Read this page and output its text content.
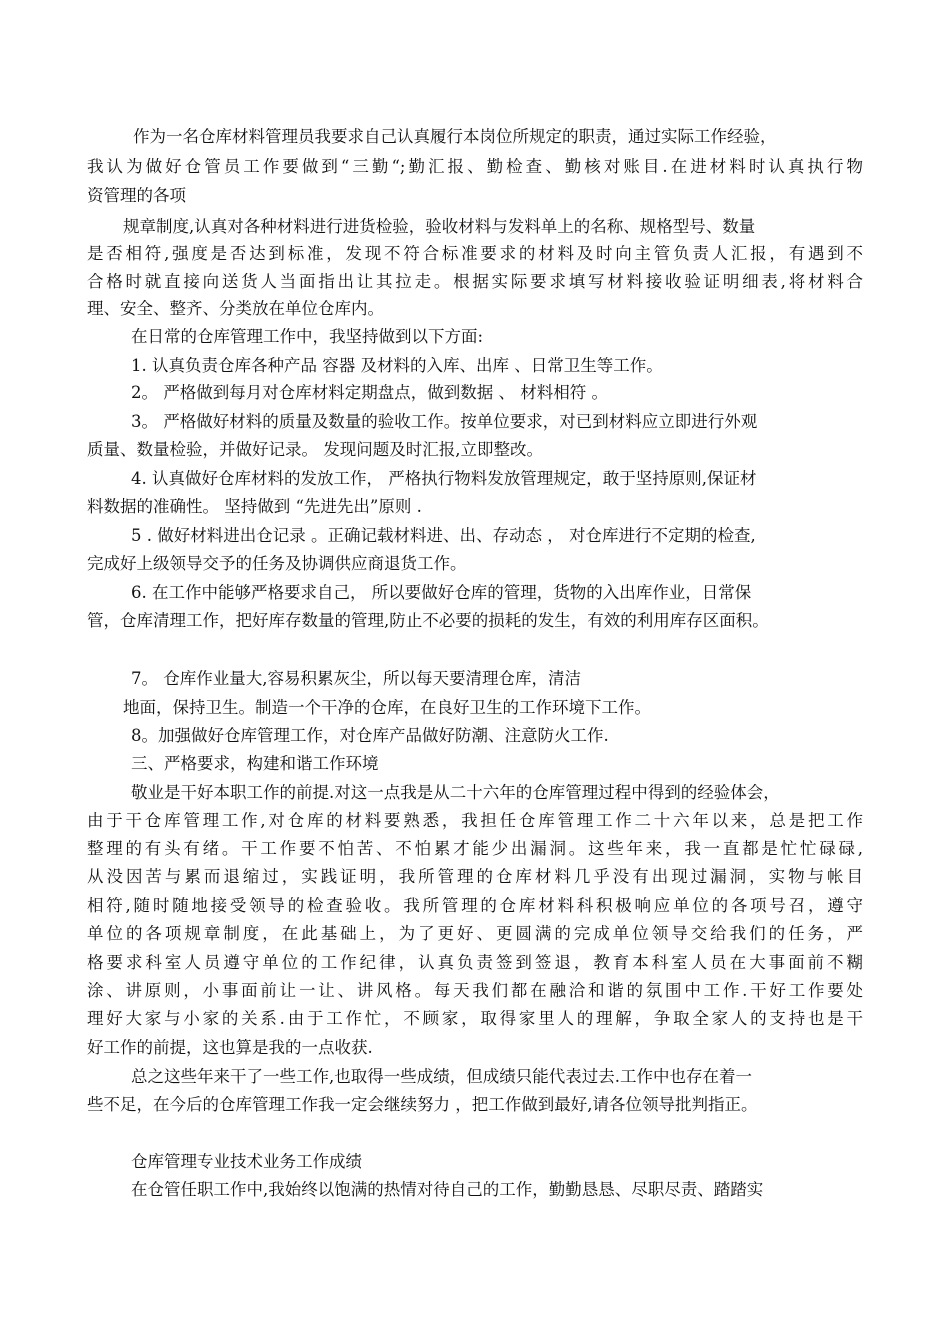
作为一名仓库材料管理员我要求自己认真履行本岗位所规定的职责，通过实际工作经验，
我认为做好仓管员工作要做到“三勤“;勤汇报、勤检查、勤核对账目.在进材料时认真执行物
资管理的各项
规章制度,认真对各种材料进行进货检验，验收材料与发料单上的名称、规格型号、数量
是否相符,强度是否达到标准，发现不符合标准要求的材料及时向主管负责人汇报，有遇到不
合格时就直接向送货人当面指出让其拉走。根据实际要求填写材料接收验证明细表,将材料合
理、安全、整齐、分类放在单位仓库内。
在日常的仓库管理工作中，我坚持做到以下方面:
1. 认真负责仓库各种产品 容器 及材料的入库、出库 、日常卫生等工作。
2。 严格做到每月对仓库材料定期盘点，做到数据 、 材料相符 。
3。 严格做好材料的质量及数量的验收工作。按单位要求，对已到材料应立即进行外观
质量、数量检验，并做好记录。 发现问题及时汇报,立即整改。
4. 认真做好仓库材料的发放工作， 严格执行物料发放管理规定，敢于坚持原则,保证材
料数据的准确性。 坚持做到 “先进先出”原则 .
5 . 做好材料进出仓记录 。正确记载材料进、出、存动态 ， 对仓库进行不定期的检查,
完成好上级领导交予的任务及协调供应商退货工作。
6. 在工作中能够严格要求自己， 所以要做好仓库的管理，货物的入出库作业，日常保
管，仓库清理工作，把好库存数量的管理,防止不必要的损耗的发生，有效的利用库存区面积。
7。 仓库作业量大,容易积累灰尘，所以每天要清理仓库，清洁
地面，保持卫生。制造一个干净的仓库，在良好卫生的工作环境下工作。
8。加强做好仓库管理工作，对仓库产品做好防潮、注意防火工作.
三、严格要求，构建和谐工作环境
敬业是干好本职工作的前提.对这一点我是从二十六年的仓库管理过程中得到的经验体会，
由于干仓库管理工作,对仓库的材料要熟悉，我担任仓库管理工作二十六年以来，总是把工作
整理的有头有绪。干工作要不怕苦、不怕累才能少出漏洞。这些年来，我一直都是忙忙碌碌,
从没因苦与累而退缩过，实践证明，我所管理的仓库材料几乎没有出现过漏洞，实物与帐目
相符,随时随地接受领导的检查验收。我所管理的仓库材料科积极响应单位的各项号召，遵守
单位的各项规章制度，在此基础上，为了更好、更圆满的完成单位领导交给我们的任务，严
格要求科室人员遵守单位的工作纪律，认真负责签到签退，教育本科室人员在大事面前不糊
涂、讲原则，小事面前让一让、讲风格。每天我们都在融洽和谐的氛围中工作.干好工作要处
理好大家与小家的关系.由于工作忙，不顾家，取得家里人的理解，争取全家人的支持也是干
好工作的前提，这也算是我的一点收获.
总之这些年来干了一些工作,也取得一些成绩，但成绩只能代表过去.工作中也存在着一
些不足，在今后的仓库管理工作我一定会继续努力 ，把工作做到最好,请各位领导批判指正。
仓库管理专业技术业务工作成绩
在仓管任职工作中,我始终以饱满的热情对待自己的工作，勤勤恳恳、尽职尽责、踏踏实
